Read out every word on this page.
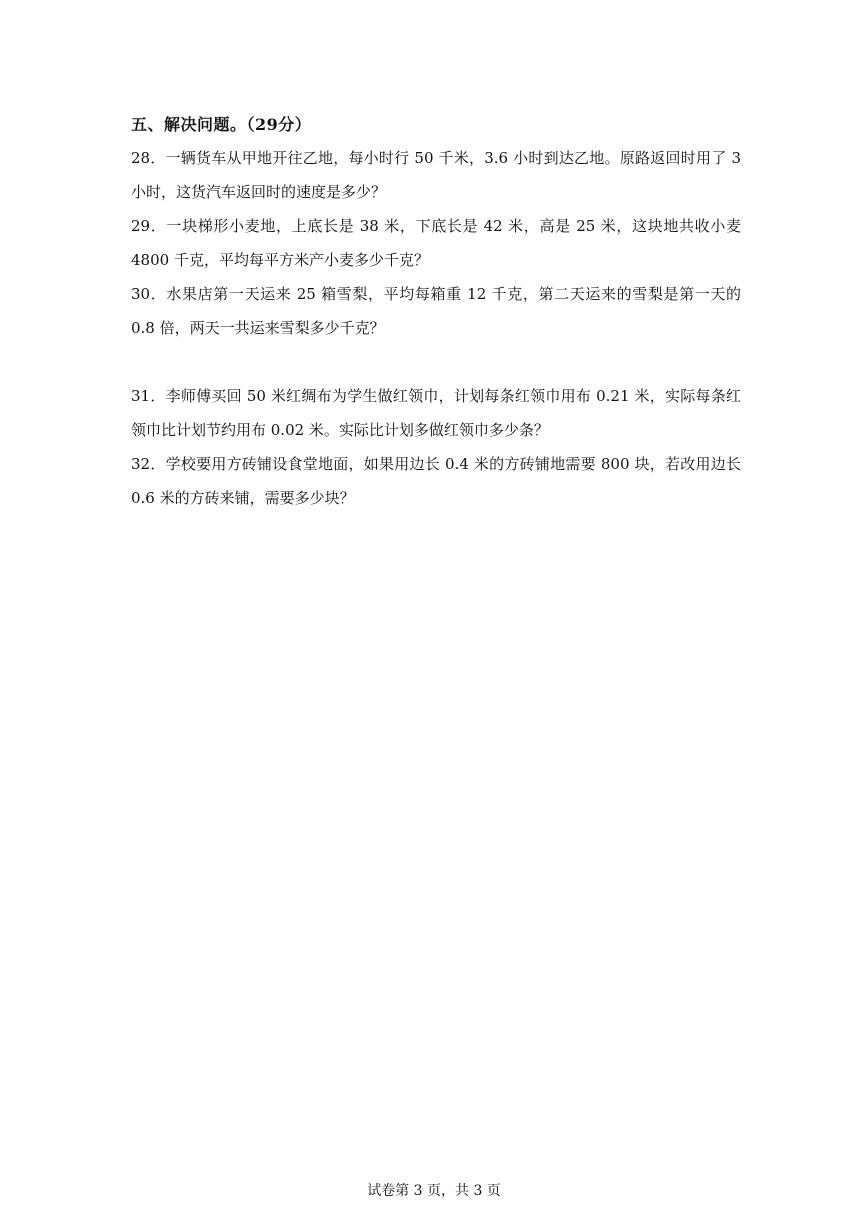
五、解决问题。（29分）
28．一辆货车从甲地开往乙地，每小时行 50 千米，3.6 小时到达乙地。原路返回时用了 3 小时，这货汽车返回时的速度是多少？
29．一块梯形小麦地，上底长是 38 米，下底长是 42 米，高是 25 米，这块地共收小麦 4800 千克，平均每平方米产小麦多少千克？
30．水果店第一天运来 25 箱雪梨，平均每箱重 12 千克，第二天运来的雪梨是第一天的 0.8 倍，两天一共运来雪梨多少千克？
31．李师傅买回 50 米红绸布为学生做红领巾，计划每条红领巾用布 0.21 米，实际每条红领巾比计划节约用布 0.02 米。实际比计划多做红领巾多少条？
32．学校要用方砖铺设食堂地面，如果用边长 0.4 米的方砖铺地需要 800 块，若改用边长 0.6 米的方砖来铺，需要多少块？
试卷第 3 页，共 3 页
